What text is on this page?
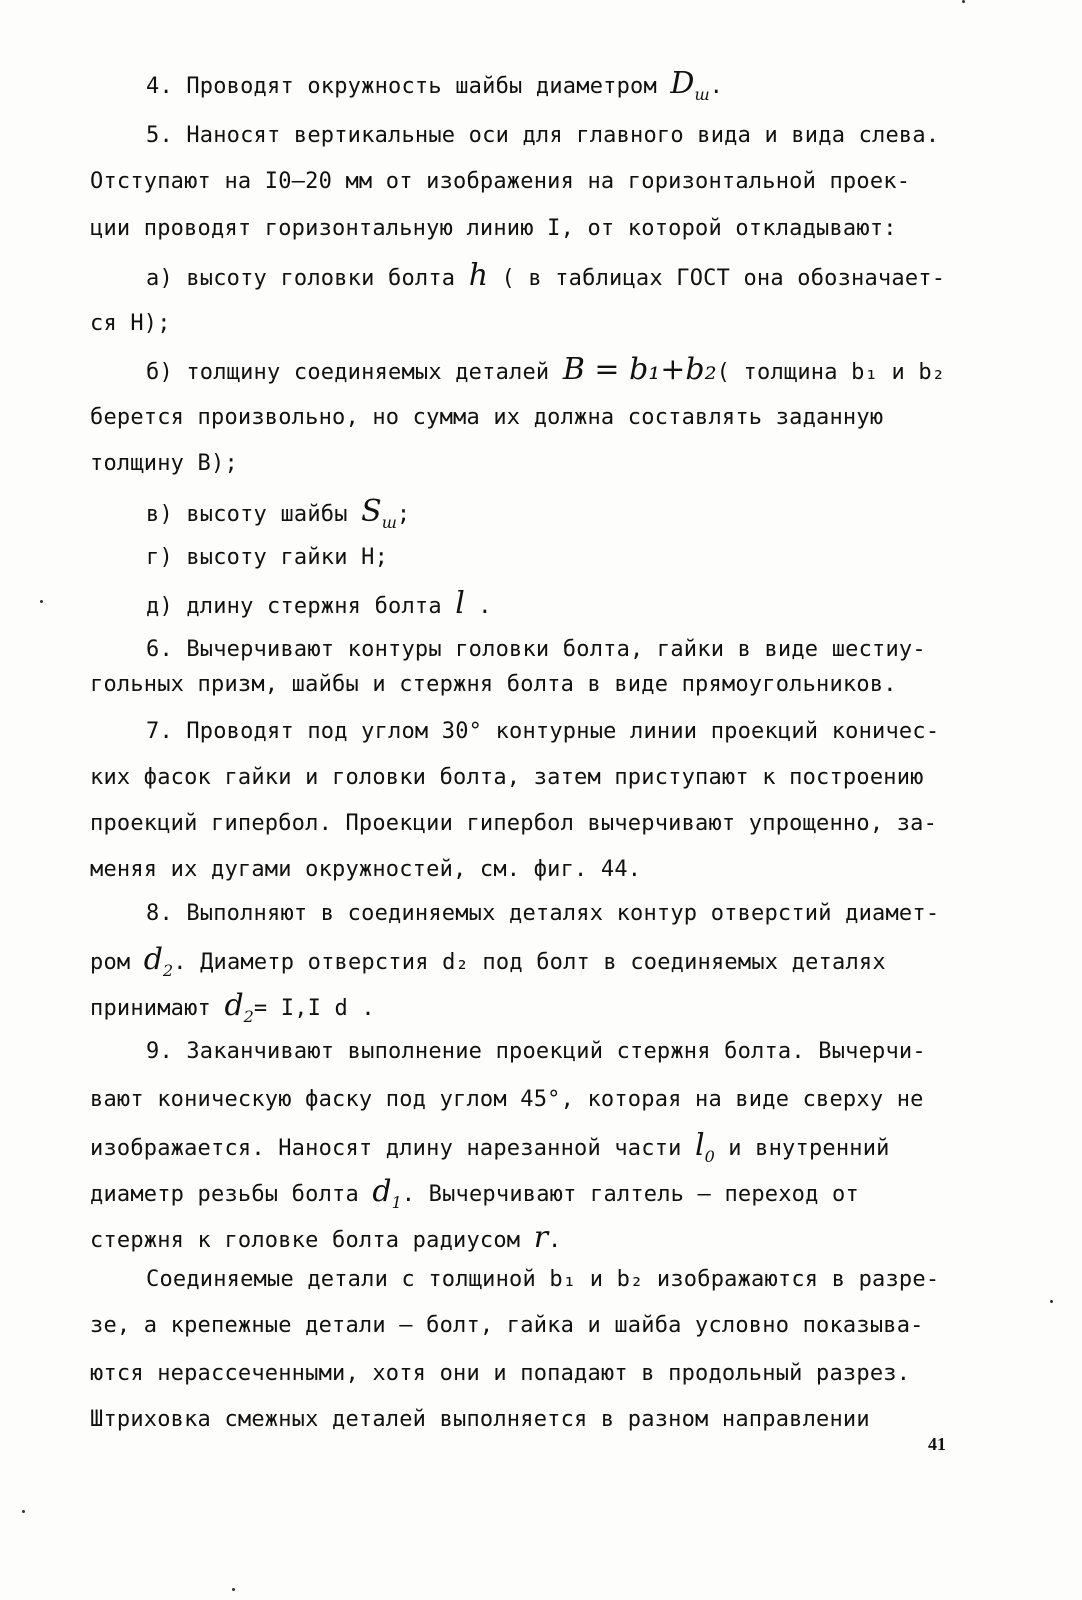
4. Проводят окружность шайбы диаметром $D_ш$.
5. Наносят вертикальные оси для главного вида и вида слева.
Отступают на I0–20 мм от изображения на горизонтальной проек-
ции проводят горизонтальную линию I, от которой откладывают:
а) высоту головки болта h ( в таблицах ГОСТ она обозначает-
ся Н);
б) толщину соединяемых деталей B = b₁+b₂( толщина b₁ и b₂
берется произвольно, но сумма их должна составлять заданную
толщину В);
в) высоту шайбы $S_ш$;
г) высоту гайки Н;
д) длину стержня болта l .
6. Вычерчивают контуры головки болта, гайки в виде шестиу-
гольных призм, шайбы и стержня болта в виде прямоугольников.
7. Проводят под углом 30° контурные линии проекций коничес-
ких фасок гайки и головки болта, затем приступают к построению
проекций гипербол. Проекции гипербол вычерчивают упрощенно, за-
меняя их дугами окружностей, см. фиг. 44.
8. Выполняют в соединяемых деталях контур отверстий диамет-
ром $d_2$. Диаметр отверстия d₂ под болт в соединяемых деталях
принимают $d_2= I,I$ d .
9. Заканчивают выполнение проекций стержня болта. Вычерчи-
вают коническую фаску под углом 45°, которая на виде сверху не
изображается. Наносят длину нарезанной части $l_0$ и внутренний
диаметр резьбы болта $d_1$. Вычерчивают галтель – переход от
стержня к головке болта радиусом r.
Соединяемые детали с толщиной b₁ и b₂ изображаются в разре-
зе, а крепежные детали – болт, гайка и шайба условно показыва-
ются нерассеченными, хотя они и попадают в продольный разрез.
Штриховка смежных деталей выполняется в разном направлении
41
